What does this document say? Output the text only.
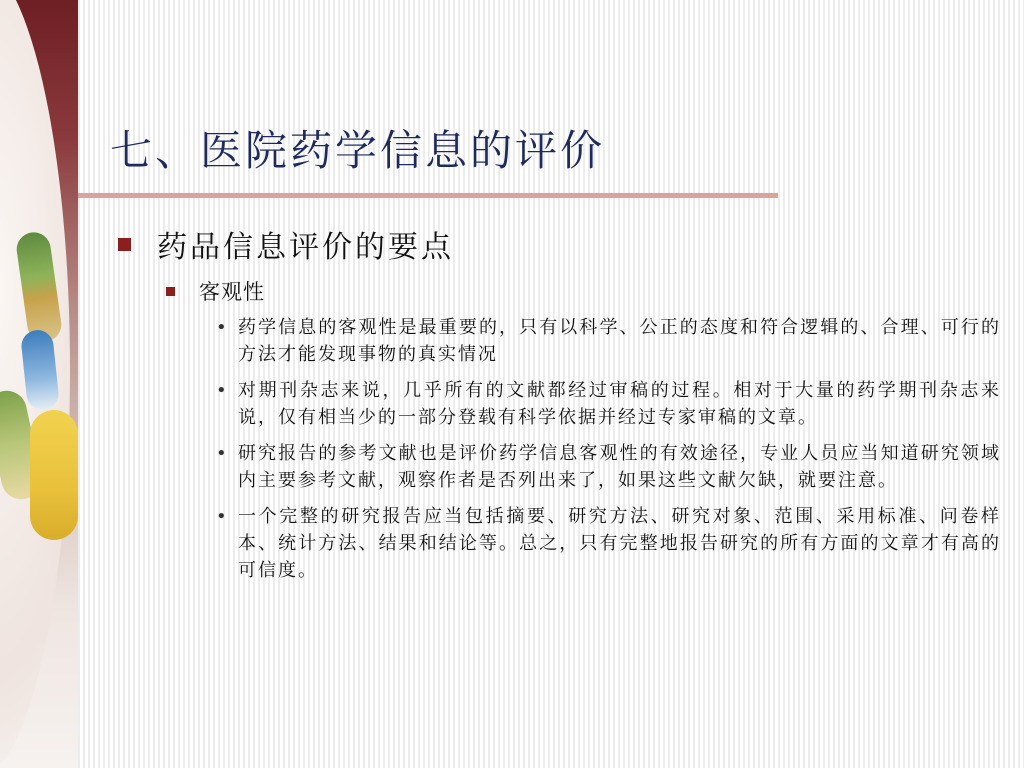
七、医院药学信息的评价
药品信息评价的要点
客观性
• 药学信息的客观性是最重要的，只有以科学、公正的态度和符合逻辑的、合理、可行的方法才能发现事物的真实情况
• 对期刊杂志来说，几乎所有的文献都经过审稿的过程。相对于大量的药学期刊杂志来说，仅有相当少的一部分登载有科学依据并经过专家审稿的文章。
• 研究报告的参考文献也是评价药学信息客观性的有效途径，专业人员应当知道研究领域内主要参考文献，观察作者是否列出来了，如果这些文献欠缺，就要注意。
• 一个完整的研究报告应当包括摘要、研究方法、研究对象、范围、采用标准、问卷样本、统计方法、结果和结论等。总之，只有完整地报告研究的所有方面的文章才有高的可信度。
